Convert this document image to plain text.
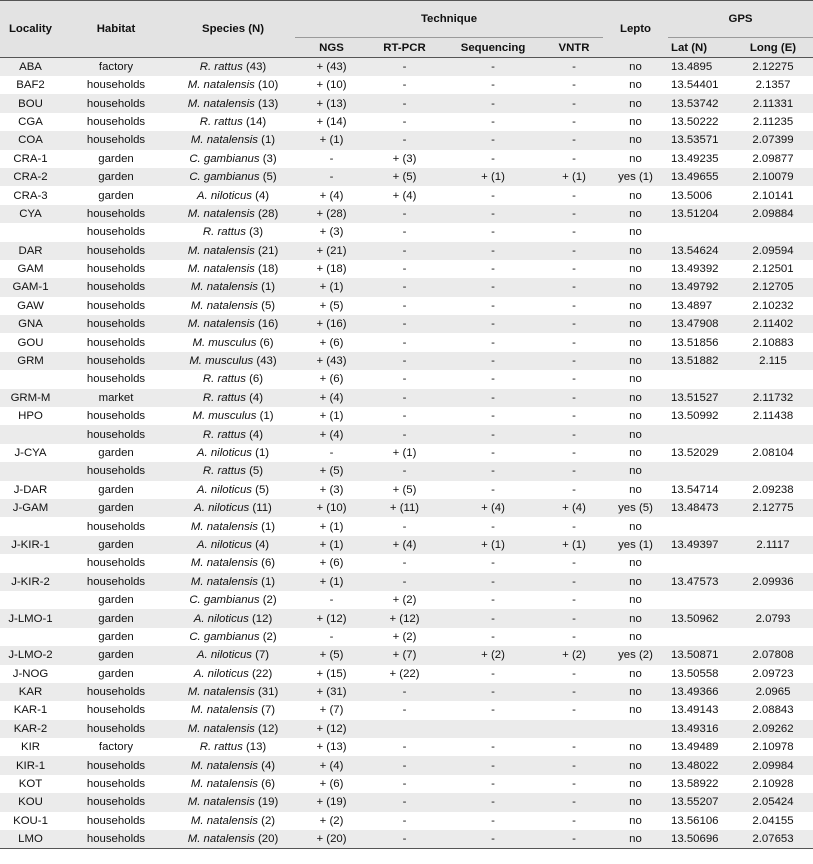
Locality	Habitat	Species (N)	Technique				Lepto	GPS	
			NGS	RT-PCR	Sequencing	VNTR		Lat (N)	Long (E)
ABA	factory	R. rattus (43)	+ (43)	-	-	-	no	13.4895	2.12275
BAF2	households	M. natalensis (10)	+ (10)	-	-	-	no	13.54401	2.1357
BOU	households	M. natalensis (13)	+ (13)	-	-	-	no	13.53742	2.11331
CGA	households	R. rattus (14)	+ (14)	-	-	-	no	13.50222	2.11235
COA	households	M. natalensis (1)	+ (1)	-	-	-	no	13.53571	2.07399
CRA-1	garden	C. gambianus (3)	-	+ (3)	-	-	no	13.49235	2.09877
CRA-2	garden	C. gambianus (5)	-	+ (5)	+ (1)	+ (1)	yes (1)	13.49655	2.10079
CRA-3	garden	A. niloticus (4)	+ (4)	+ (4)	-	-	no	13.5006	2.10141
CYA	households	M. natalensis (28)	+ (28)	-	-	-	no	13.51204	2.09884
	households	R. rattus (3)	+ (3)	-	-	-	no		
DAR	households	M. natalensis (21)	+ (21)	-	-	-	no	13.54624	2.09594
GAM	households	M. natalensis (18)	+ (18)	-	-	-	no	13.49392	2.12501
GAM-1	households	M. natalensis (1)	+ (1)	-	-	-	no	13.49792	2.12705
GAW	households	M. natalensis (5)	+ (5)	-	-	-	no	13.4897	2.10232
GNA	households	M. natalensis (16)	+ (16)	-	-	-	no	13.47908	2.11402
GOU	households	M. musculus (6)	+ (6)	-	-	-	no	13.51856	2.10883
GRM	households	M. musculus (43)	+ (43)	-	-	-	no	13.51882	2.115
	households	R. rattus (6)	+ (6)	-	-	-	no		
GRM-M	market	R. rattus (4)	+ (4)	-	-	-	no	13.51527	2.11732
HPO	households	M. musculus (1)	+ (1)	-	-	-	no	13.50992	2.11438
	households	R. rattus (4)	+ (4)	-	-	-	no		
J-CYA	garden	A. niloticus (1)	-	+ (1)	-	-	no	13.52029	2.08104
	households	R. rattus (5)	+ (5)	-	-	-	no		
J-DAR	garden	A. niloticus (5)	+ (3)	+ (5)	-	-	no	13.54714	2.09238
J-GAM	garden	A. niloticus (11)	+ (10)	+ (11)	+ (4)	+ (4)	yes (5)	13.48473	2.12775
	households	M. natalensis (1)	+ (1)	-	-	-	no		
J-KIR-1	garden	A. niloticus (4)	+ (1)	+ (4)	+ (1)	+ (1)	yes (1)	13.49397	2.1117
	households	M. natalensis (6)	+ (6)	-	-	-	no		
J-KIR-2	households	M. natalensis (1)	+ (1)	-	-	-	no	13.47573	2.09936
	garden	C. gambianus (2)	-	+ (2)	-	-	no		
J-LMO-1	garden	A. niloticus (12)	+ (12)	+ (12)	-	-	no	13.50962	2.0793
	garden	C. gambianus (2)	-	+ (2)	-	-	no		
J-LMO-2	garden	A. niloticus (7)	+ (5)	+ (7)	+ (2)	+ (2)	yes (2)	13.50871	2.07808
J-NOG	garden	A. niloticus (22)	+ (15)	+ (22)	-	-	no	13.50558	2.09723
KAR	households	M. natalensis (31)	+ (31)	-	-	-	no	13.49366	2.0965
KAR-1	households	M. natalensis (7)	+ (7)	-	-	-	no	13.49143	2.08843
KAR-2	households	M. natalensis (12)	+ (12)					13.49316	2.09262
KIR	factory	R. rattus (13)	+ (13)	-	-	-	no	13.49489	2.10978
KIR-1	households	M. natalensis (4)	+ (4)	-	-	-	no	13.48022	2.09984
KOT	households	M. natalensis (6)	+ (6)	-	-	-	no	13.58922	2.10928
KOU	households	M. natalensis (19)	+ (19)	-	-	-	no	13.55207	2.05424
KOU-1	households	M. natalensis (2)	+ (2)	-	-	-	no	13.56106	2.04155
LMO	households	M. natalensis (20)	+ (20)	-	-	-	no	13.50696	2.07653
